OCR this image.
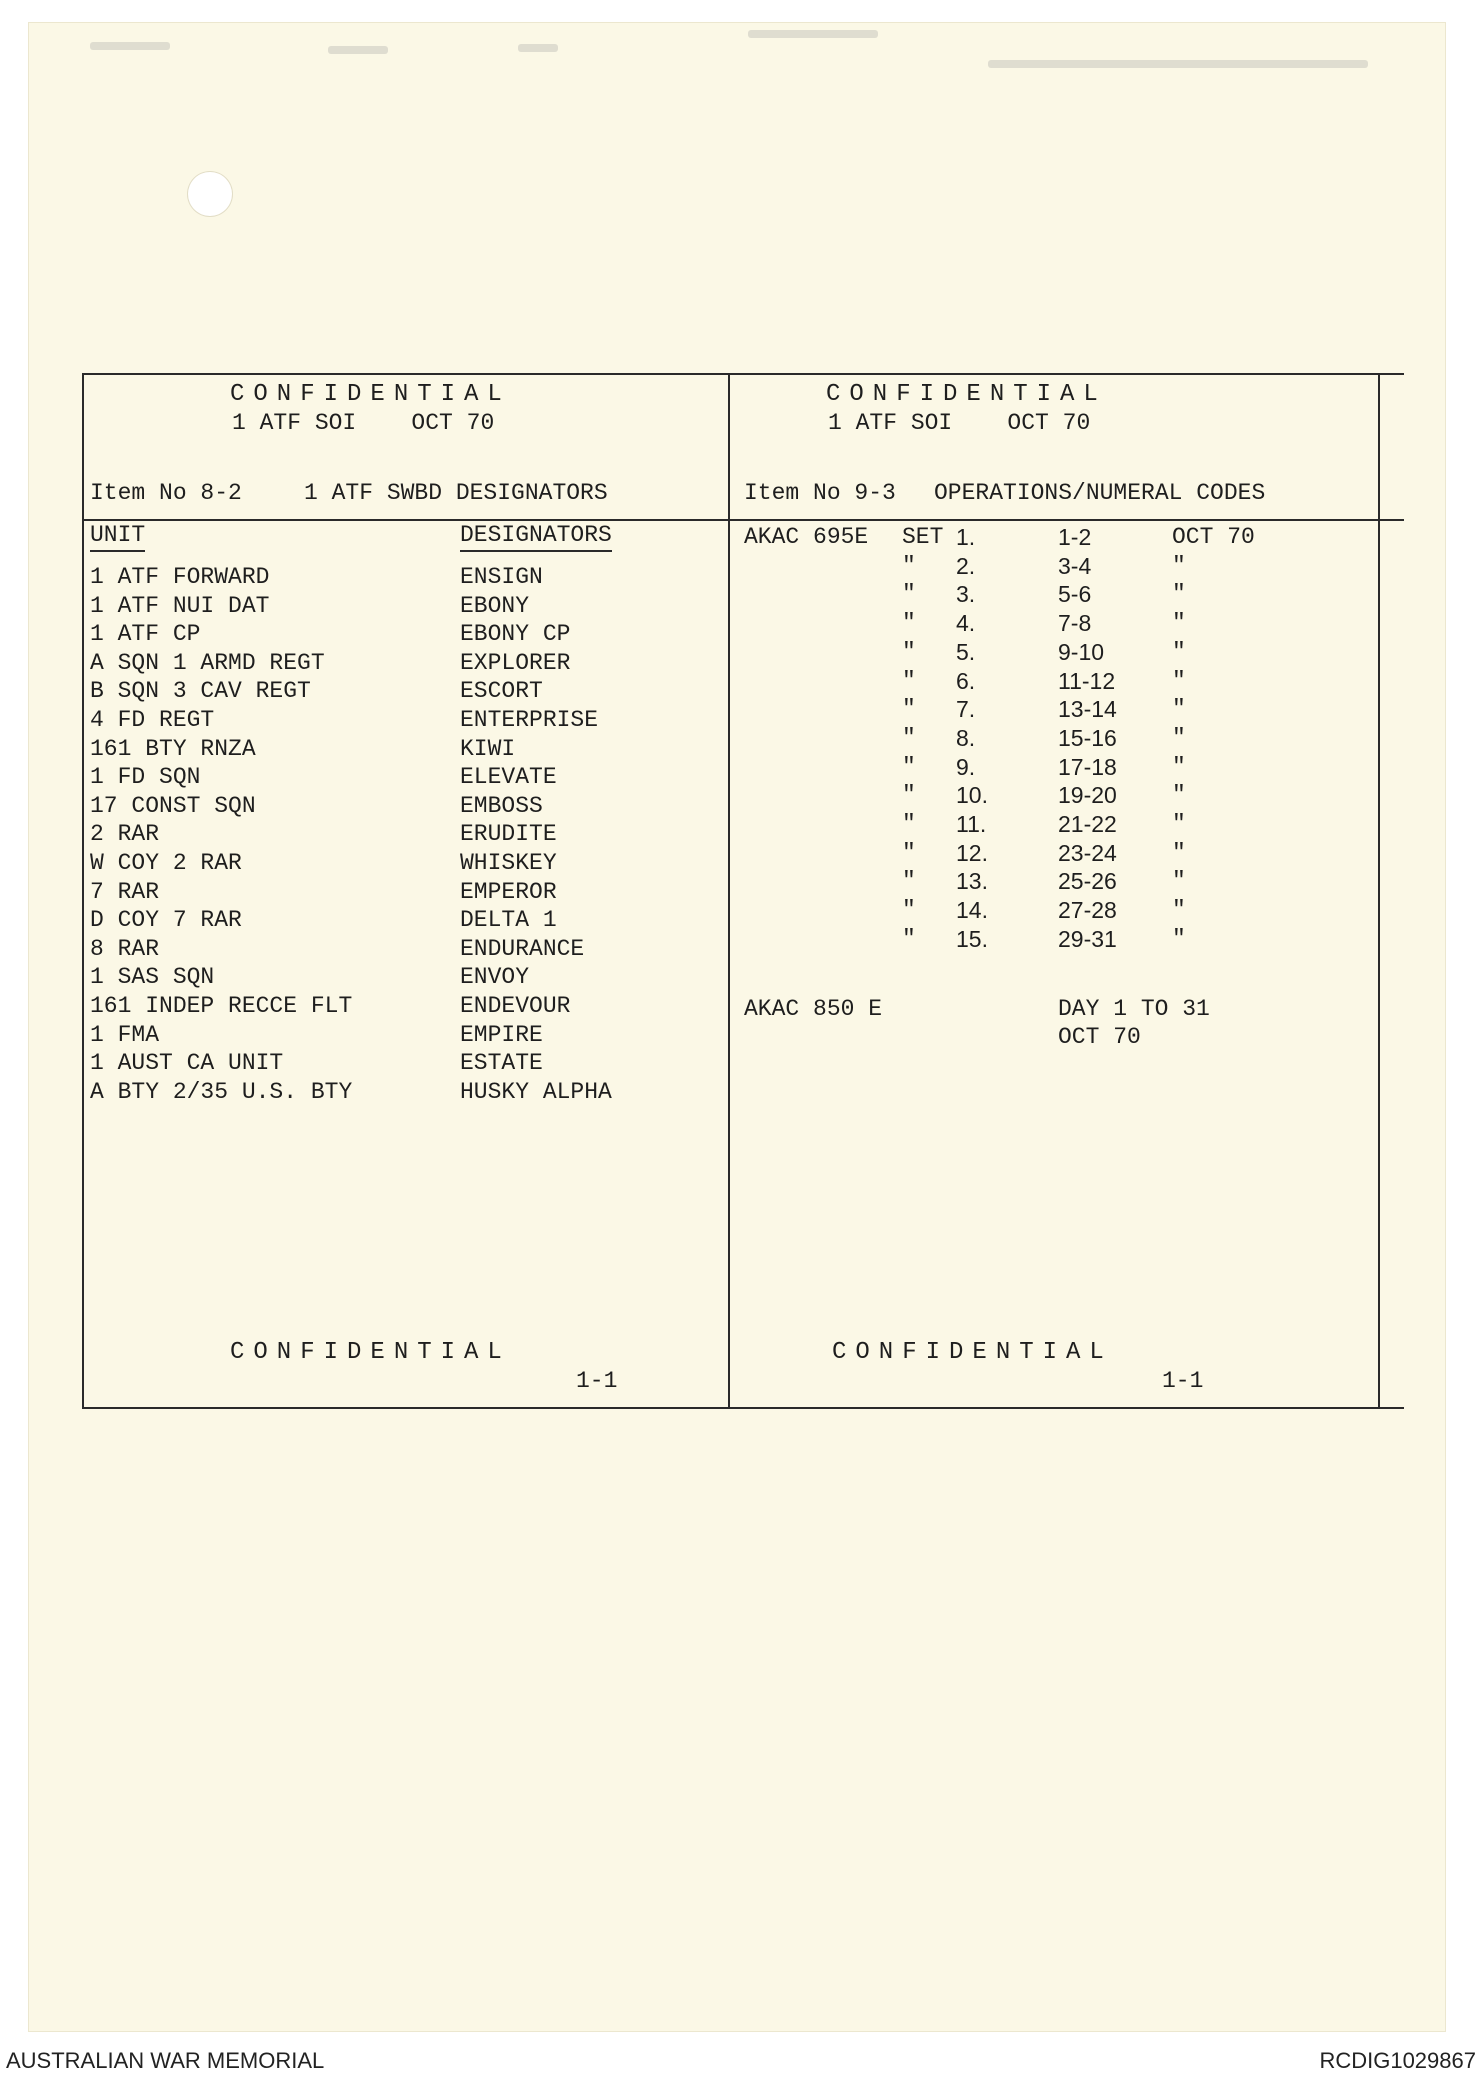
CONFIDENTIAL
1 ATF SOI    OCT 70
Item No 8-2	1 ATF SWBD DESIGNATORS
UNIT	DESIGNATORS
1 ATF FORWARD	ENSIGN
1 ATF NUI DAT	EBONY
1 ATF CP	EBONY CP
A SQN 1 ARMD REGT	EXPLORER
B SQN 3 CAV REGT	ESCORT
4 FD REGT	ENTERPRISE
161 BTY RNZA	KIWI
1 FD SQN	ELEVATE
17 CONST SQN	EMBOSS
2 RAR	ERUDITE
W COY 2 RAR	WHISKEY
7 RAR	EMPEROR
D COY 7 RAR	DELTA 1
8 RAR	ENDURANCE
1 SAS SQN	ENVOY
161 INDEP RECCE FLT	ENDEVOUR
1 FMA	EMPIRE
1 AUST CA UNIT	ESTATE
A BTY 2/35 U.S. BTY	HUSKY ALPHA
CONFIDENTIAL
1-1
CONFIDENTIAL
1 ATF SOI    OCT 70
Item No 9-3 OPERATIONS/NUMERAL CODES
AKAC 695E SET 1.	1-2	OCT 70
" 2.	3-4	"
" 3.	5-6	"
" 4.	7-8	"
" 5.	9-10	"
" 6.	11-12 "
" 7.	13-14 "
" 8.	15-16 "
" 9.	17-18 "
" 10.	19-20 "
" 11.	21-22 "
" 12.	23-24 "
" 13.	25-26 "
" 14.	27-28 "
" 15.	29-31 "
AKAC 850 E	DAY 1 TO 31
OCT 70
CONFIDENTIAL
1-1
AUSTRALIAN WAR MEMORIAL	RCDIG1029867
